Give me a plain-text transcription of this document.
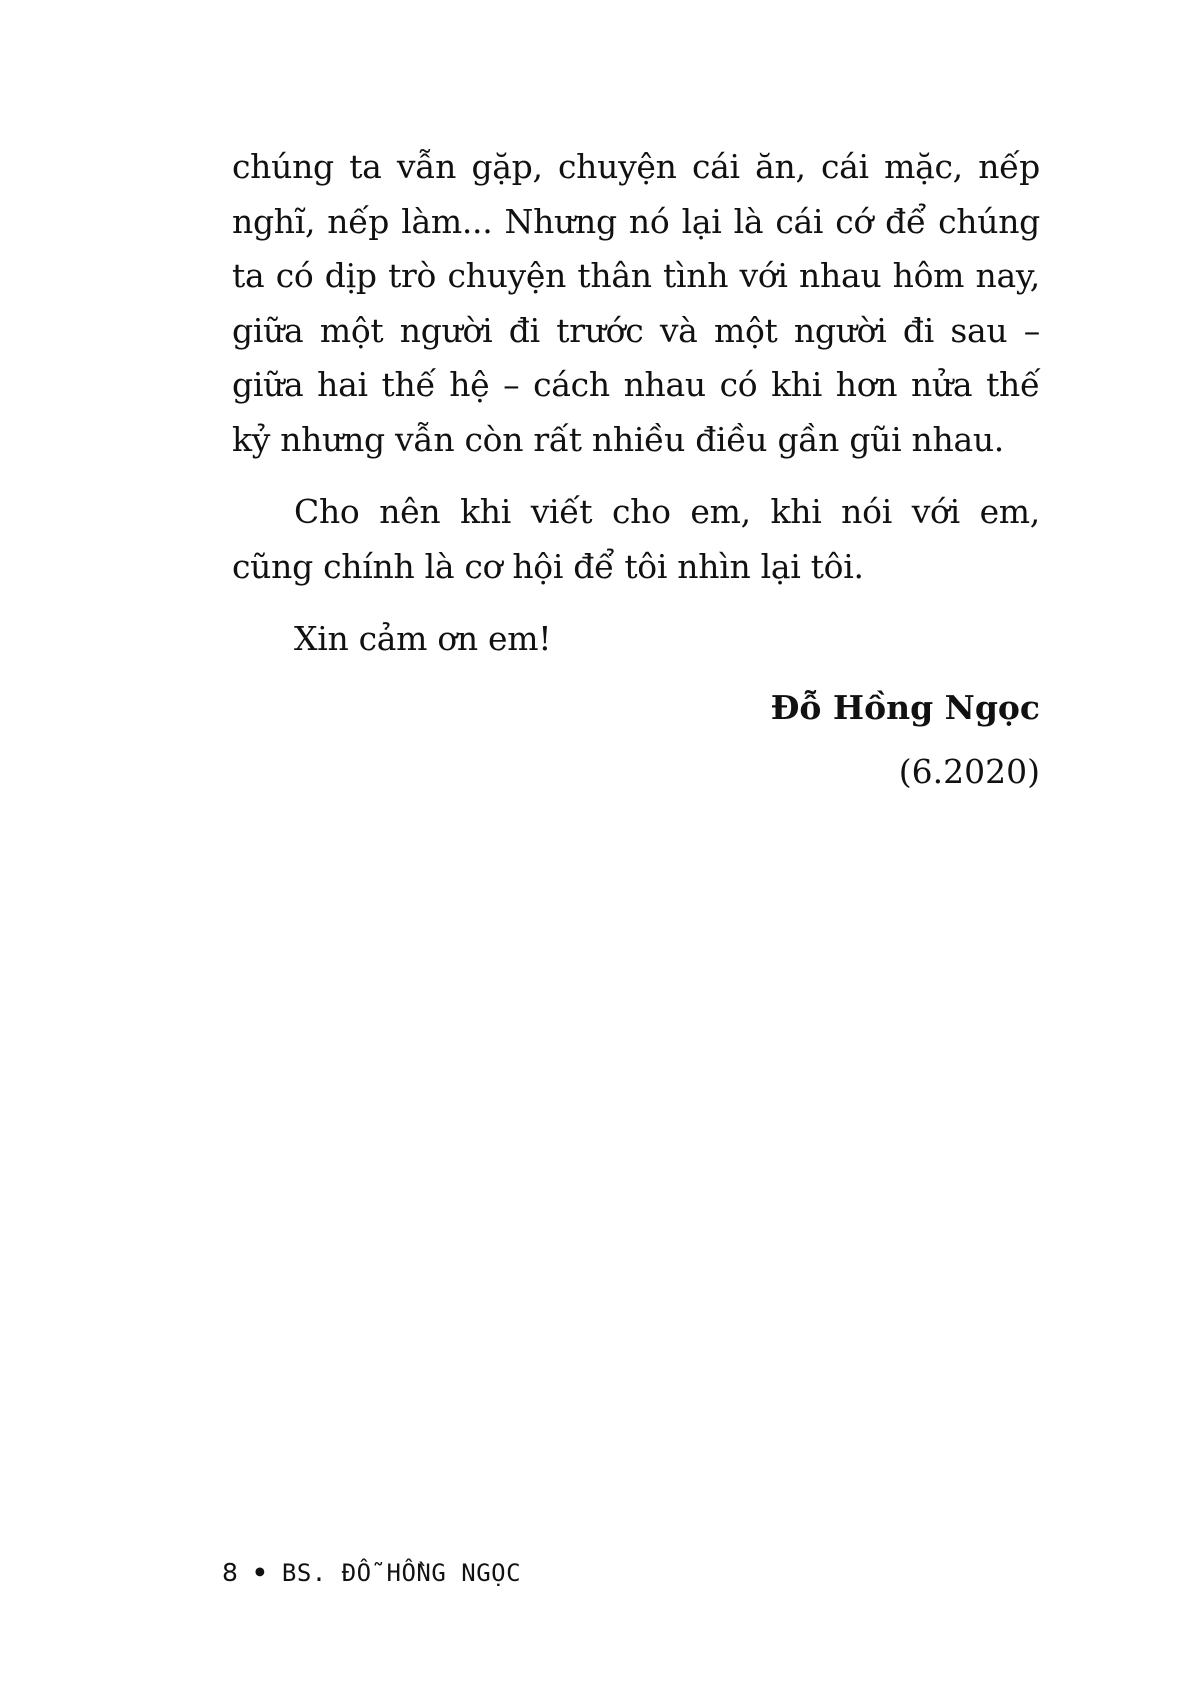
chúng ta vẫn gặp, chuyện cái ăn, cái mặc, nếp nghĩ, nếp làm... Nhưng nó lại là cái cớ để chúng ta có dịp trò chuyện thân tình với nhau hôm nay, giữa một người đi trước và một người đi sau – giữa hai thế hệ – cách nhau có khi hơn nửa thế kỷ nhưng vẫn còn rất nhiều điều gần gũi nhau.

Cho nên khi viết cho em, khi nói với em, cũng chính là cơ hội để tôi nhìn lại tôi.

Xin cảm ơn em!

Đỗ Hồng Ngọc

(6.2020)

8 • BS. ĐỖ HỒNG NGỌC
